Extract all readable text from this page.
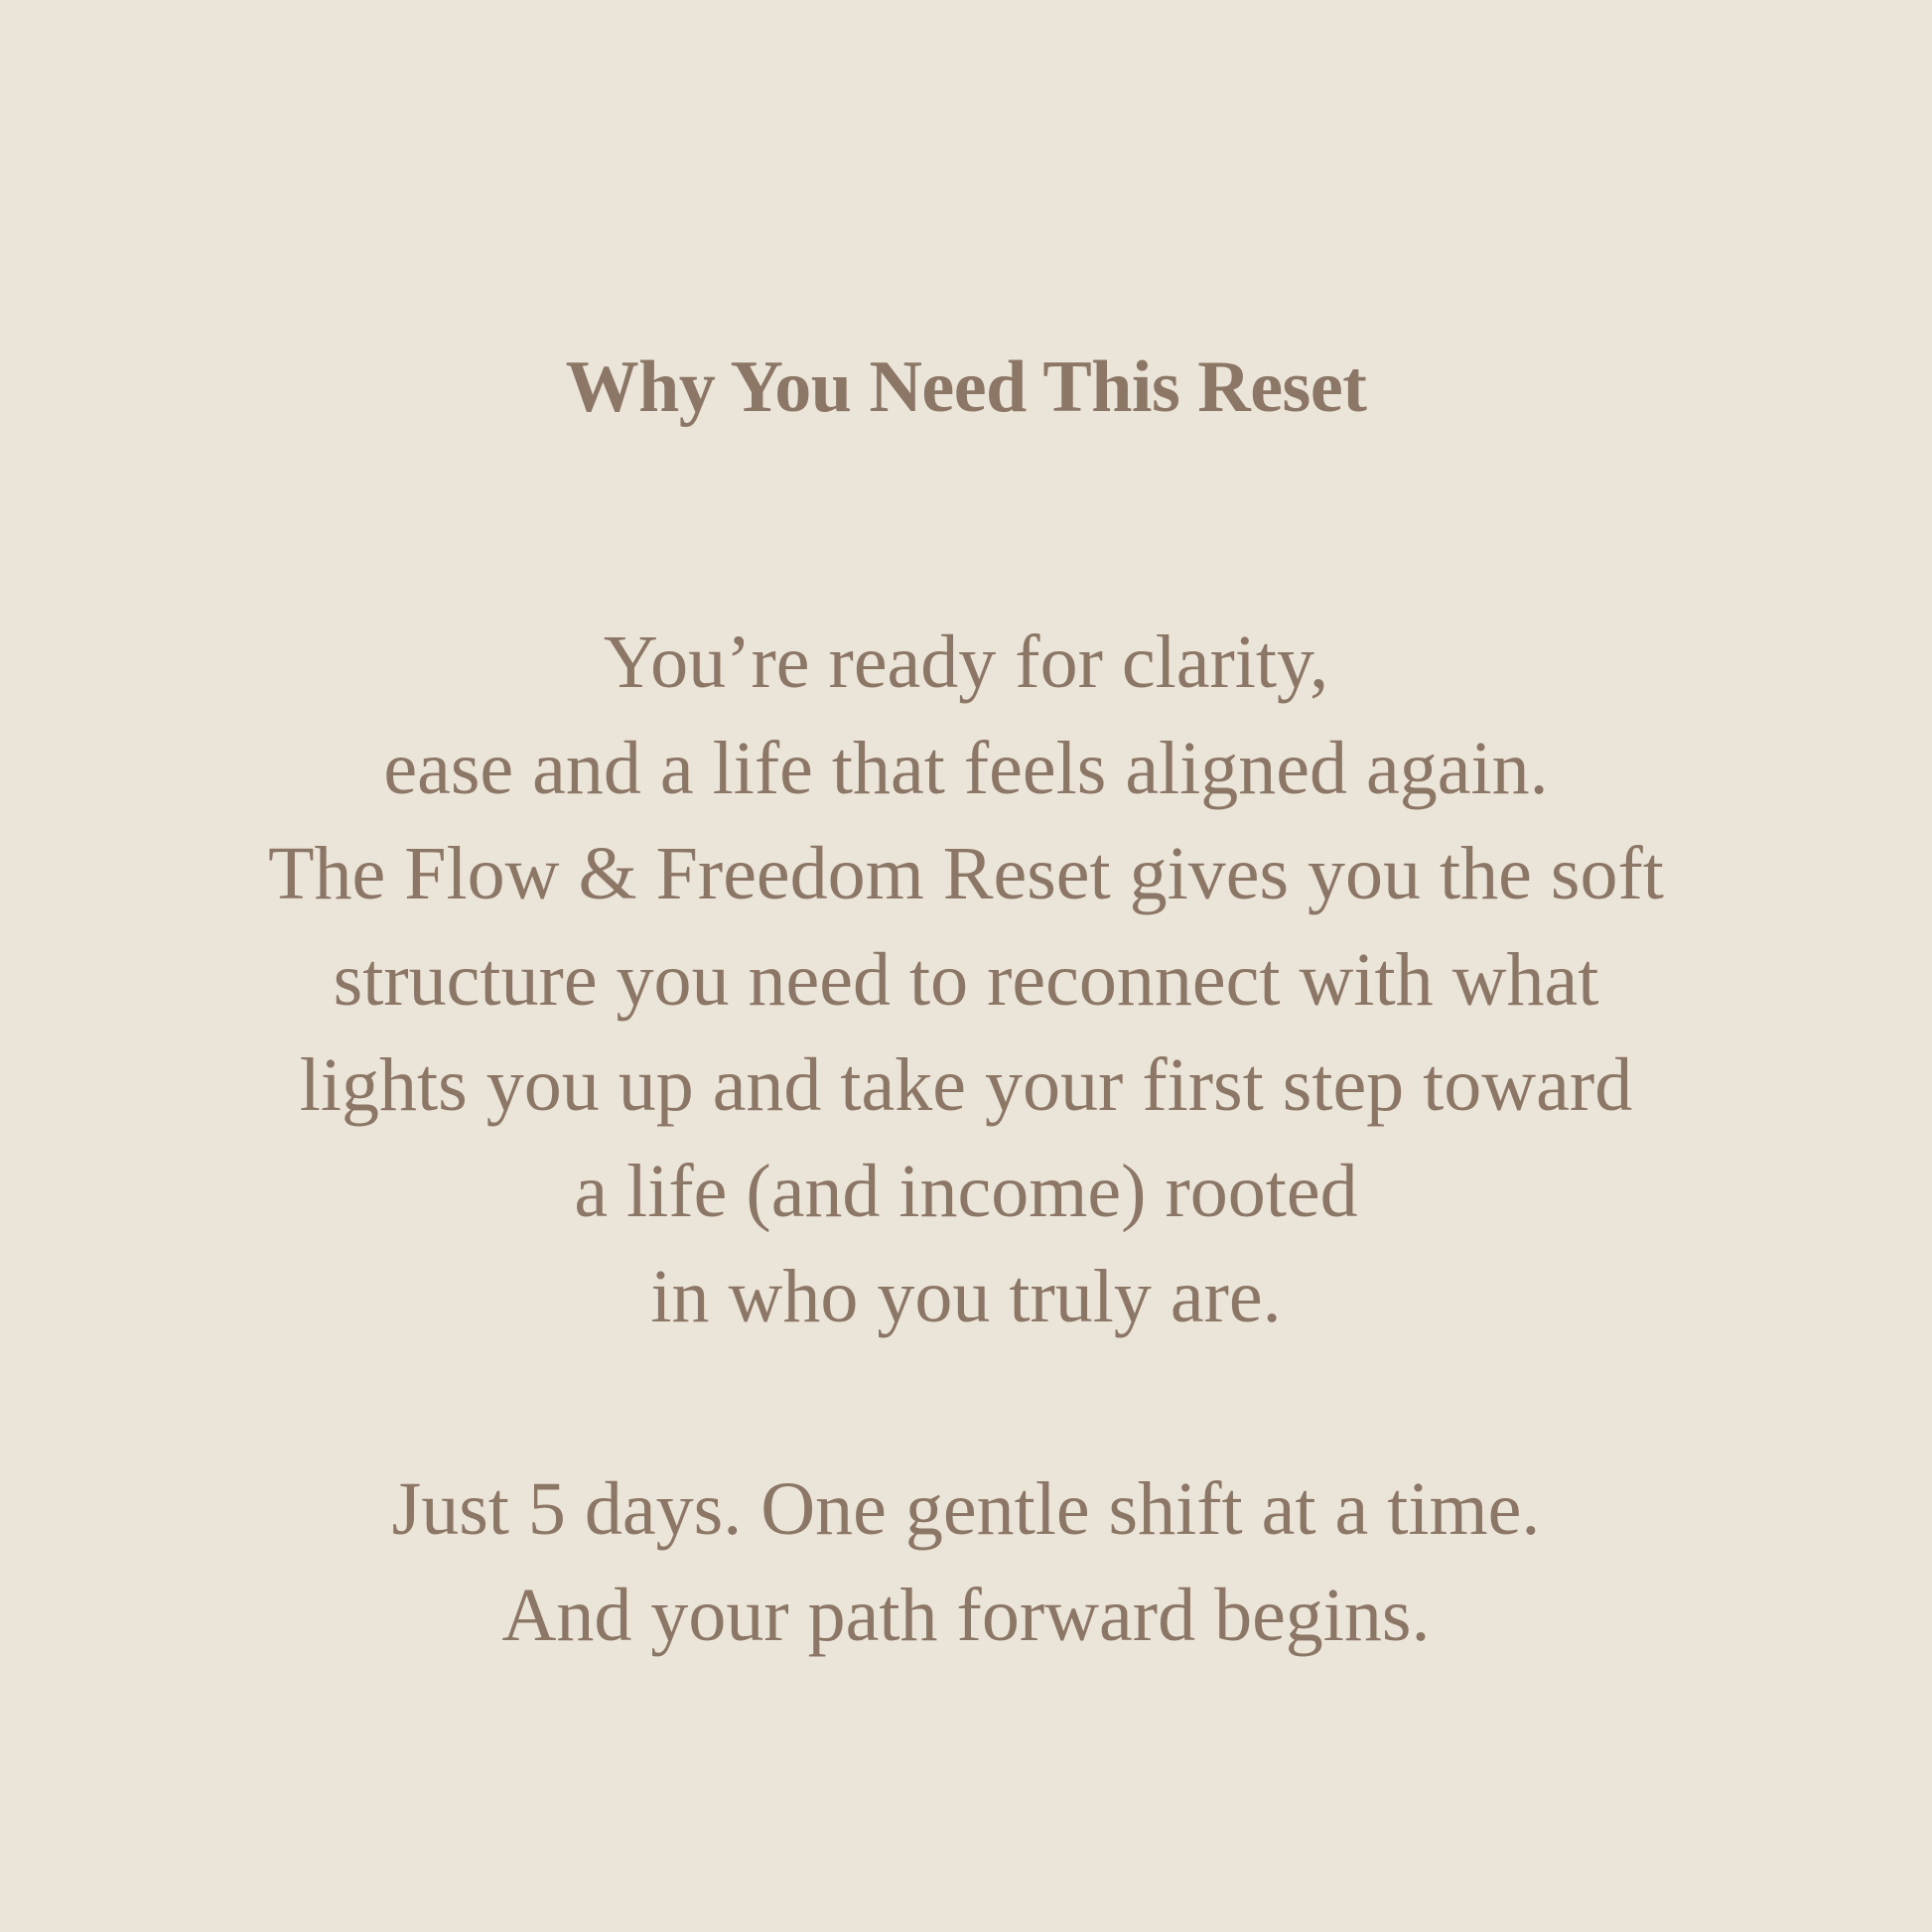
Why You Need This Reset
You’re ready for clarity,
ease and a life that feels aligned again.
The Flow & Freedom Reset gives you the soft
structure you need to reconnect with what
lights you up and take your first step toward
a life (and income) rooted
in who you truly are.
Just 5 days. One gentle shift at a time.
And your path forward begins.
